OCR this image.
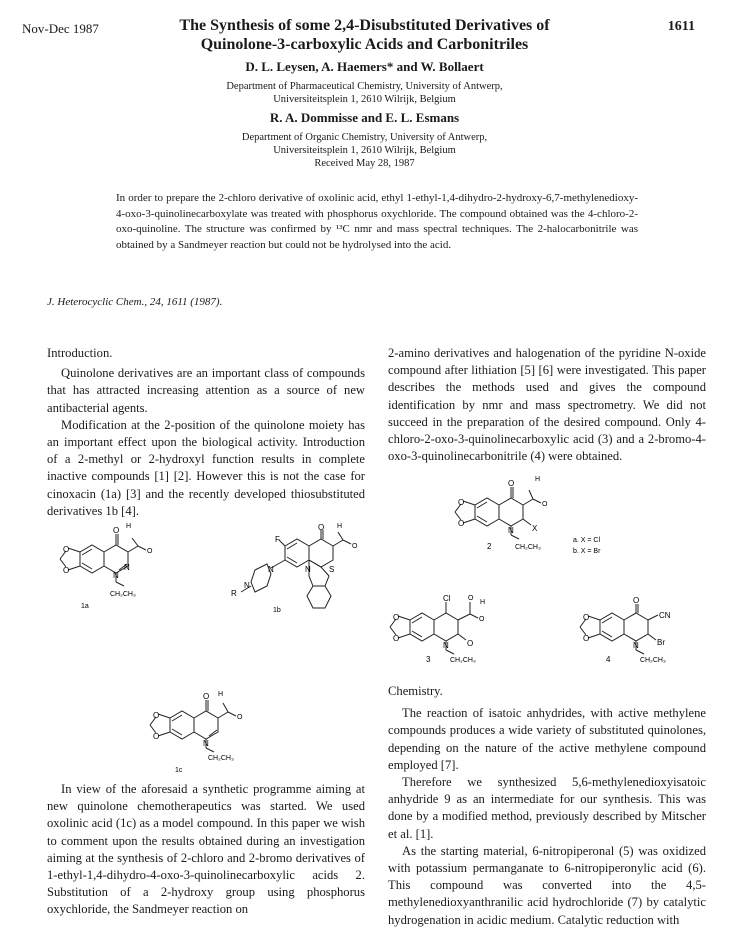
Nov-Dec 1987	1611
The Synthesis of some 2,4-Disubstituted Derivatives of
Quinolone-3-carboxylic Acids and Carbonitriles
D. L. Leysen, A. Haemers* and W. Bollaert
Department of Pharmaceutical Chemistry, University of Antwerp,
Universiteitsplein 1, 2610 Wilrijk, Belgium
R. A. Dommisse and E. L. Esmans
Department of Organic Chemistry, University of Antwerp,
Universiteitsplein 1, 2610 Wilrijk, Belgium
Received May 28, 1987
In order to prepare the 2-chloro derivative of oxolinic acid, ethyl 1-ethyl-1,4-dihydro-2-hydroxy-6,7-methylenedioxy-4-oxo-3-quinolinecarboxylate was treated with phosphorus oxychloride. The compound obtained was the 4-chloro-2-oxo-quinoline. The structure was confirmed by ¹³C nmr and mass spectral techniques. The 2-halocarbonitrile was obtained by a Sandmeyer reaction but could not be hydrolysed into the acid.
J. Heterocyclic Chem., 24, 1611 (1987).

Introduction.

Quinolone derivatives are an important class of compounds that has attracted increasing attention as a source of new antibacterial agents.

Modification at the 2-position of the quinolone moiety has an important effect upon the biological activity. Introduction of a 2-methyl or 2-hydroxyl function results in complete inactive compounds [1] [2]. However this is not the case for cinoxacin (1a) [3] and the recently developed thiosubstituted derivatives 1b [4].

In view of the aforesaid a synthetic programme aiming at new quinolone chemotherapeutics was started. We used oxolinic acid (1c) as a model compound. In this paper we wish to comment upon the results obtained during an investigation aiming at the synthesis of 2-chloro and 2-bromo derivatives of 1-ethyl-1,4-dihydro-4-oxo-3-quinolinecarboxylic acids 2. Substitution of a 2-hydroxy group using phosphorus oxychloride, the Sandmeyer reaction on

2-amino derivatives and halogenation of the pyridine N-oxide compound after lithiation [5] [6] were investigated. This paper describes the methods used and gives the compound identification by nmr and mass spectrometry. We did not succeed in the preparation of the desired compound. Only 4-chloro-2-oxo-3-quinolinecarboxylic acid (3) and a 2-bromo-4-oxo-3-quinolinecarbonitrile (4) were obtained.

Chemistry.

The reaction of isatoic anhydrides, with active methylene compounds produces a wide variety of substituted quinolones, depending on the nature of the active methylene compound employed [7].

Therefore we synthesized 5,6-methylenedioxyisatoic anhydride 9 as an intermediate for our synthesis. This was done by a modified method, previously described by Mitscher et al. [1].

As the starting material, 6-nitropiperonal (5) was oxidized with potassium permanganate to 6-nitropiperonylic acid (6). This compound was converted into the 4,5-methylenedioxyanthranilic acid hydrochloride (7) by catalytic hydrogenation in acidic medium. Catalytic reduction with

O
O	N
N
O H
O
CH₂CH₃
1a
F
O H
O
R
N
N	N S
1b
O
O
N
O H
O
CH₂CH₃
1c
O
O
N X
O	H
O
CH₂CH₃
2
a. X = Cl
b. X = Br
Cl O
H
O
O
O
N O
CH₂CH₃
3
O
CN
Br
O
O
N
CH₂CH₃
4
